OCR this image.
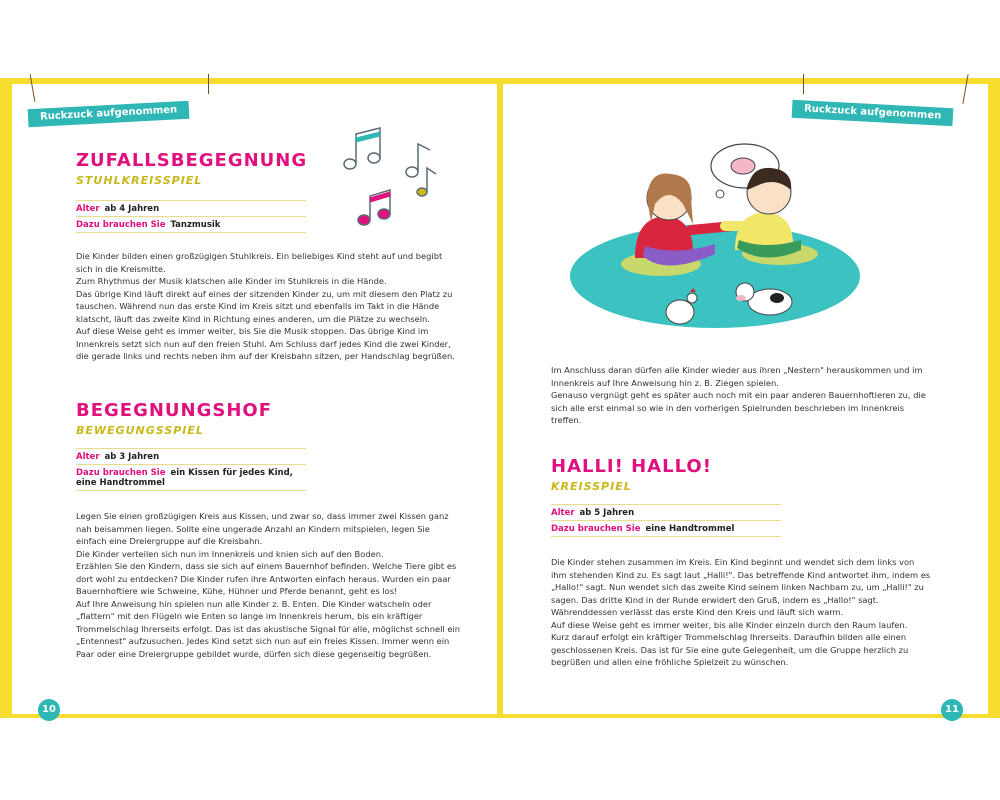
Ruckzuck aufgenommen
ZUFALLSBEGEGNUNG
STUHLKREISSPIEL
Alter ab 4 Jahren
Dazu brauchen Sie Tanzmusik

Die Kinder bilden einen großzügigen Stuhlkreis. Ein beliebiges Kind steht auf und begibt sich in die Kreismitte.

Zum Rhythmus der Musik klatschen alle Kinder im Stuhlkreis in die Hände.

Das übrige Kind läuft direkt auf eines der sitzenden Kinder zu, um mit diesem den Platz zu tauschen. Während nun das erste Kind im Kreis sitzt und ebenfalls im Takt in die Hände klatscht, läuft das zweite Kind in Richtung eines anderen, um die Plätze zu wechseln.

Auf diese Weise geht es immer weiter, bis Sie die Musik stoppen. Das übrige Kind im Innenkreis setzt sich nun auf den freien Stuhl. Am Schluss darf jedes Kind die zwei Kinder, die gerade links und rechts neben ihm auf der Kreisbahn sitzen, per Handschlag begrüßen.

BEGEGNUNGSHOF
BEWEGUNGSSPIEL
Alter ab 3 Jahren
Dazu brauchen Sie ein Kissen für jedes Kind, eine Handtrommel

Legen Sie einen großzügigen Kreis aus Kissen, und zwar so, dass immer zwei Kissen ganz nah beisammen liegen. Sollte eine ungerade Anzahl an Kindern mitspielen, legen Sie einfach eine Dreiergruppe auf die Kreisbahn.

Die Kinder verteilen sich nun im Innenkreis und knien sich auf den Boden.

Erzählen Sie den Kindern, dass sie sich auf einem Bauernhof befinden. Welche Tiere gibt es dort wohl zu entdecken? Die Kinder rufen ihre Antworten einfach heraus. Wurden ein paar Bauernhoftiere wie Schweine, Kühe, Hühner und Pferde benannt, geht es los!

Auf Ihre Anweisung hin spielen nun alle Kinder z. B. Enten. Die Kinder watscheln oder „flattern" mit den Flügeln wie Enten so lange im Innenkreis herum, bis ein kräftiger Trommelschlag Ihrerseits erfolgt. Das ist das akustische Signal für alle, möglichst schnell ein „Entennest" aufzusuchen. Jedes Kind setzt sich nun auf ein freies Kissen. Immer wenn ein Paar oder eine Dreiergruppe gebildet wurde, dürfen sich diese gegenseitig begrüßen.

10
Ruckzuck aufgenommen

Im Anschluss daran dürfen alle Kinder wieder aus ihren „Nestern" herauskommen und im Innenkreis auf Ihre Anweisung hin z. B. Ziegen spielen.

Genauso vergnügt geht es später auch noch mit ein paar anderen Bauernhoftieren zu, die sich alle erst einmal so wie in den vorherigen Spielrunden beschrieben im Innenkreis treffen.

HALLI! HALLO!
KREISSPIEL
Alter ab 5 Jahren
Dazu brauchen Sie eine Handtrommel

Die Kinder stehen zusammen im Kreis. Ein Kind beginnt und wendet sich dem links von ihm stehenden Kind zu. Es sagt laut „Halli!". Das betreffende Kind antwortet ihm, indem es „Hallo!" sagt. Nun wendet sich das zweite Kind seinem linken Nachbarn zu, um „Halli!" zu sagen. Das dritte Kind in der Runde erwidert den Gruß, indem es „Hallo!" sagt. Währenddessen verlässt das erste Kind den Kreis und läuft sich warm.

Auf diese Weise geht es immer weiter, bis alle Kinder einzeln durch den Raum laufen.

Kurz darauf erfolgt ein kräftiger Trommelschlag Ihrerseits. Daraufhin bilden alle einen geschlossenen Kreis. Das ist für Sie eine gute Gelegenheit, um die Gruppe herzlich zu begrüßen und allen eine fröhliche Spielzeit zu wünschen.

11
